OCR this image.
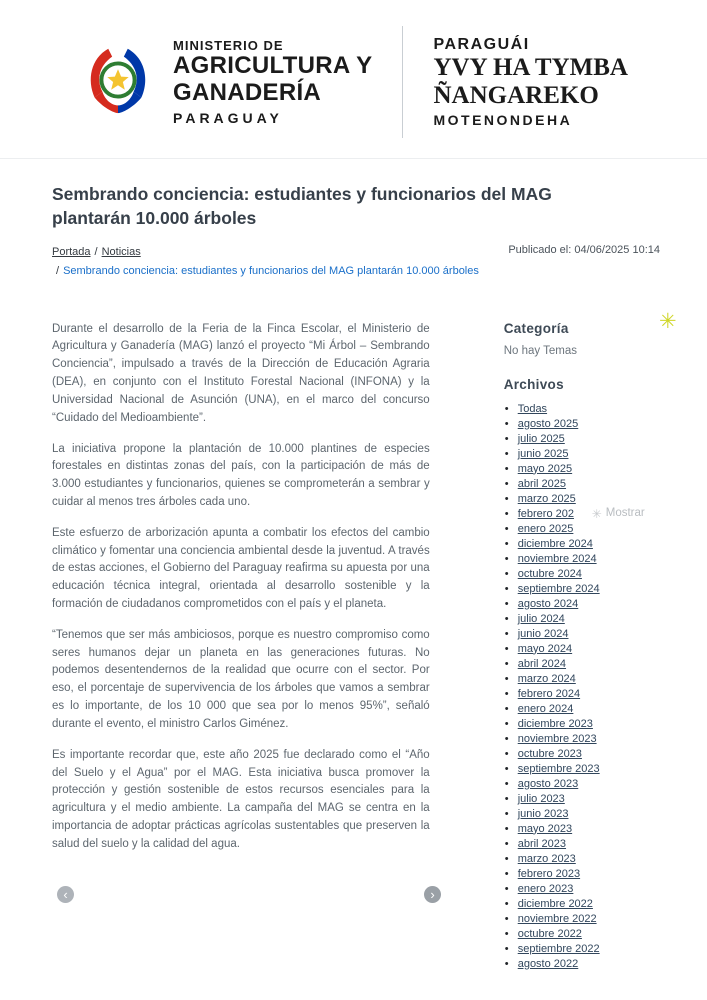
MINISTERIO DE
AGRICULTURA Y
GANADERÍA
PARAGUAY
PARAGUÁI
YVY HA TYMBA
ÑANGAREKO
MOTENONDEHA
Sembrando conciencia: estudiantes y funcionarios del MAG plantarán 10.000 árboles
Portada / Noticias
/ Sembrando conciencia: estudiantes y funcionarios del MAG plantarán 10.000 árboles
Publicado el: 04/06/2025 10:14

Durante el desarrollo de la Feria de la Finca Escolar, el Ministerio de Agricultura y Ganadería (MAG) lanzó el proyecto “Mi Árbol – Sembrando Conciencia”, impulsado a través de la Dirección de Educación Agraria (DEA), en conjunto con el Instituto Forestal Nacional (INFONA) y la Universidad Nacional de Asunción (UNA), en el marco del concurso “Cuidado del Medioambiente”.

La iniciativa propone la plantación de 10.000 plantines de especies forestales en distintas zonas del país, con la participación de más de 3.000 estudiantes y funcionarios, quienes se comprometerán a sembrar y cuidar al menos tres árboles cada uno.

Este esfuerzo de arborización apunta a combatir los efectos del cambio climático y fomentar una conciencia ambiental desde la juventud. A través de estas acciones, el Gobierno del Paraguay reafirma su apuesta por una educación técnica integral, orientada al desarrollo sostenible y la formación de ciudadanos comprometidos con el país y el planeta.

“Tenemos que ser más ambiciosos, porque es nuestro compromiso como seres humanos dejar un planeta en las generaciones futuras. No podemos desentendernos de la realidad que ocurre con el sector. Por eso, el porcentaje de supervivencia de los árboles que vamos a sembrar es lo importante, de los 10 000 que sea por lo menos 95%”, señaló durante el evento, el ministro Carlos Giménez.

Es importante recordar que, este año 2025 fue declarado como el “Año del Suelo y el Agua” por el MAG. Esta iniciativa busca promover la protección y gestión sostenible de estos recursos esenciales para la agricultura y el medio ambiente. La campaña del MAG se centra en la importancia de adoptar prácticas agrícolas sustentables que preserven la salud del suelo y la calidad del agua.

Categoría
No hay Temas
Archivos
• Todas
• agosto 2025
• julio 2025
• junio 2025
• mayo 2025
• abril 2025
• marzo 2025
• febrero 202 ✳ Mostrar
• enero 2025
• diciembre 2024
• noviembre 2024
• octubre 2024
• septiembre 2024
• agosto 2024
• julio 2024
• junio 2024
• mayo 2024
• abril 2024
• marzo 2024
• febrero 2024
• enero 2024
• diciembre 2023
• noviembre 2023
• octubre 2023
• septiembre 2023
• agosto 2023
• julio 2023
• junio 2023
• mayo 2023
• abril 2023
• marzo 2023
• febrero 2023
• enero 2023
• diciembre 2022
• noviembre 2022
• octubre 2022
• septiembre 2022
• agosto 2022
✳
‹	›
